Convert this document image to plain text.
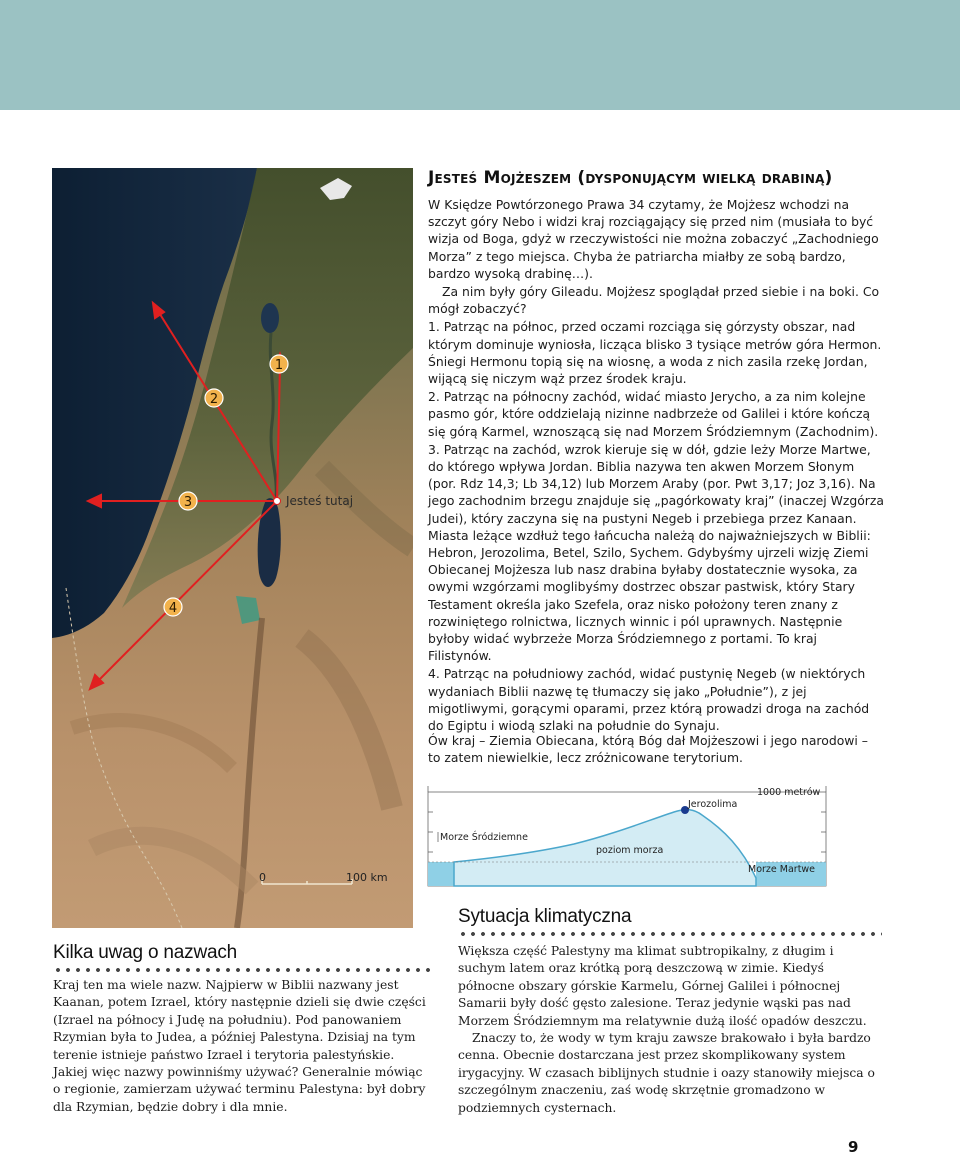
1
2
3
4
Jesteś tutaj
0	100 km
Jesteś Mojżeszem (dysponującym wielką drabiną)

W Księdze Powtórzonego Prawa 34 czytamy, że Mojżesz wchodzi na szczyt góry Nebo i widzi kraj rozciągający się przed nim (musiała to być wizja od Boga, gdyż w rzeczywistości nie można zobaczyć „Zachodniego Morza” z tego miejsca. Chyba że patriarcha miałby ze sobą bardzo, bardzo wysoką drabinę…).

Za nim były góry Gileadu. Mojżesz spoglądał przed siebie i na boki. Co mógł zobaczyć?

1. Patrząc na północ, przed oczami rozciąga się górzysty obszar, nad którym dominuje wyniosła, licząca blisko 3 tysiące metrów góra Hermon. Śniegi Hermonu topią się na wiosnę, a woda z nich zasila rzekę Jordan, wijącą się niczym wąż przez środek kraju.

2. Patrząc na północny zachód, widać miasto Jerycho, a za nim kolejne pasmo gór, które oddzielają nizinne nadbrzeże od Galilei i które kończą się górą Karmel, wznoszącą się nad Morzem Śródziemnym (Zachodnim).

3. Patrząc na zachód, wzrok kieruje się w dół, gdzie leży Morze Martwe, do którego wpływa Jordan. Biblia nazywa ten akwen Morzem Słonym (por. Rdz 14,3; Lb 34,12) lub Morzem Araby (por. Pwt 3,17; Joz 3,16). Na jego zachodnim brzegu znajduje się „pagórkowaty kraj” (inaczej Wzgórza Judei), który zaczyna się na pustyni Negeb i przebiega przez Kanaan. Miasta leżące wzdłuż tego łańcucha należą do najważniejszych w Biblii: Hebron, Jerozolima, Betel, Szilo, Sychem. Gdybyśmy ujrzeli wizję Ziemi Obiecanej Mojżesza lub nasz drabina byłaby dostatecznie wysoka, za owymi wzgórzami moglibyśmy dostrzec obszar pastwisk, który Stary Testament określa jako Szefela, oraz nisko położony teren znany z rozwiniętego rolnictwa, licznych winnic i pól uprawnych. Następnie byłoby widać wybrzeże Morza Śródziemnego z portami. To kraj Filistynów.

4. Patrząc na południowy zachód, widać pustynię Negeb (w niektórych wydaniach Biblii nazwę tę tłumaczy się jako „Południe”), z jej migotliwymi, gorącymi oparami, przez którą prowadzi droga na zachód do Egiptu i wiodą szlaki na południe do Synaju.

Ów kraj – Ziemia Obiecana, którą Bóg dał Mojżeszowi i jego narodowi – to zatem niewielkie, lecz zróżnicowane terytorium.

Jerozolima
1000 metrów
Morze Śródziemne
poziom morza
Morze Martwe
Kilka uwag o nazwach

Kraj ten ma wiele nazw. Najpierw w Biblii nazwany jest Kaanan, potem Izrael, który następnie dzieli się dwie części (Izrael na północy i Judę na południu). Pod panowaniem Rzymian była to Judea, a później Palestyna. Dzisiaj na tym terenie istnieje państwo Izrael i terytoria palestyńskie. Jakiej więc nazwy powinniśmy używać? Generalnie mówiąc o regionie, zamierzam używać terminu Palestyna: był dobry dla Rzymian, będzie dobry i dla mnie.

Sytuacja klimatyczna

Większa część Palestyny ma klimat subtropikalny, z długim i suchym latem oraz krótką porą deszczową w zimie. Kiedyś północne obszary górskie Karmelu, Górnej Galilei i północnej Samarii były dość gęsto zalesione. Teraz jedynie wąski pas nad Morzem Śródziemnym ma relatywnie dużą ilość opadów deszczu.

Znaczy to, że wody w tym kraju zawsze brakowało i była bardzo cenna. Obecnie dostarczana jest przez skomplikowany system irygacyjny. W czasach biblijnych studnie i oazy stanowiły miejsca o szczególnym znaczeniu, zaś wodę skrzętnie gromadzono w podziemnych cysternach.

9
